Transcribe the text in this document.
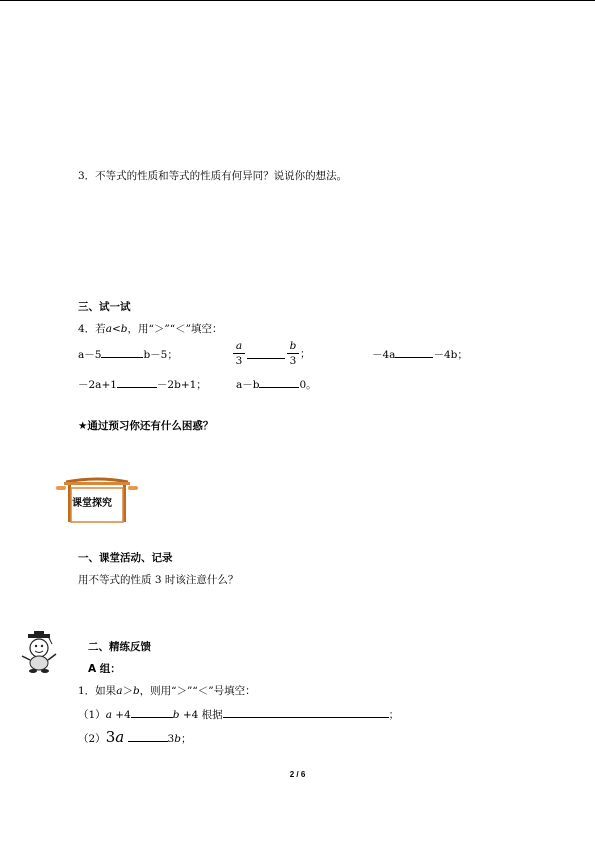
3．不等式的性质和等式的性质有何异同？说说你的想法。
三、试一试
4．若a<b，用“＞”“＜”填空：
a－5	b－5；
a
3
b
3
；	－4a	－4b；
－2a+1	－2b+1；	a－b	0。
★通过预习你还有什么困惑？
课堂探究
一、课堂活动、记录
用不等式的性质 3 时该注意什么？
二、精练反馈
A 组：
1．如果a＞b，则用“＞”“＜”号填空：
（1）a +4	b +4 根据	；
（2）3a	3b；
2 / 6
